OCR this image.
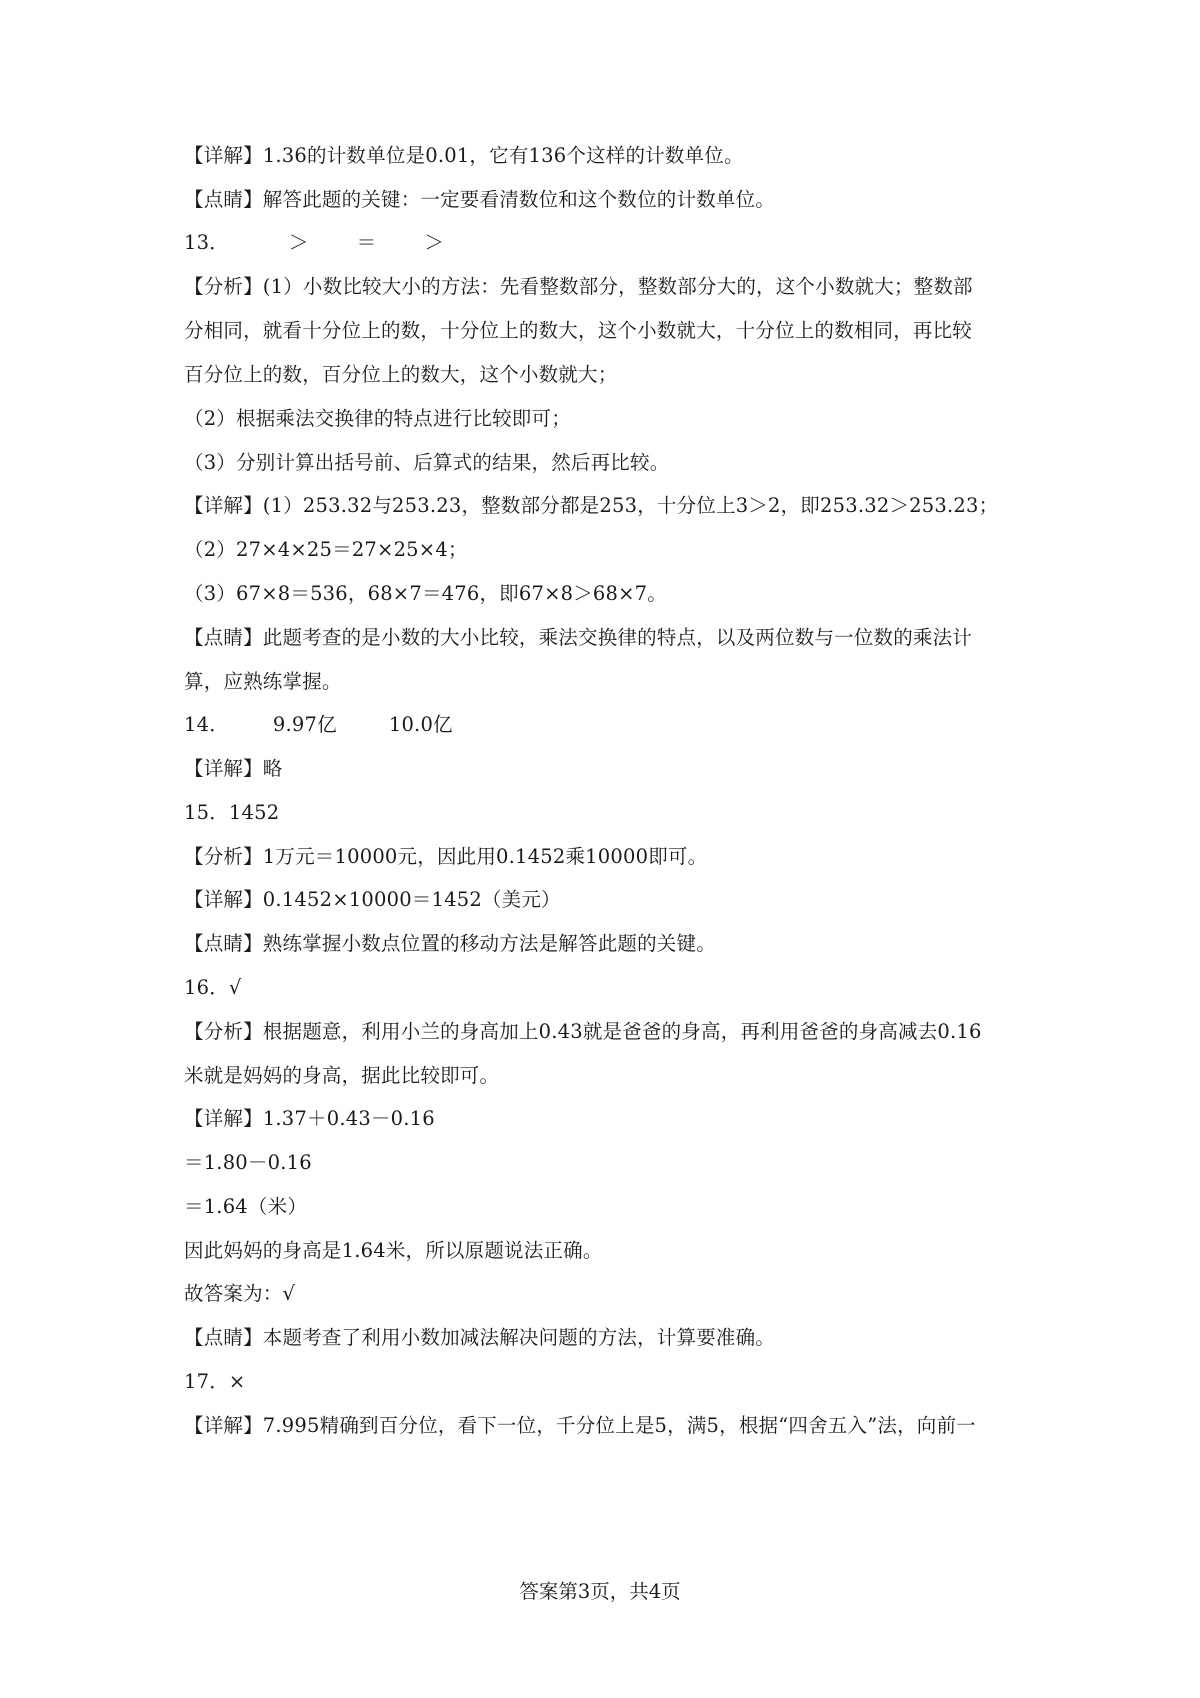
【详解】1.36的计数单位是0.01，它有136个这样的计数单位。
【点睛】解答此题的关键：一定要看清数位和这个数位的计数单位。
13．	＞ ＝ ＞
【分析】(1）小数比较大小的方法：先看整数部分，整数部分大的，这个小数就大；整数部
分相同，就看十分位上的数，十分位上的数大，这个小数就大，十分位上的数相同，再比较
百分位上的数，百分位上的数大，这个小数就大；
（2）根据乘法交换律的特点进行比较即可；
（3）分别计算出括号前、后算式的结果，然后再比较。
【详解】(1）253.32与253.23，整数部分都是253，十分位上3＞2，即253.32＞253.23；
（2）27×4×25＝27×25×4；
（3）67×8＝536，68×7＝476，即67×8＞68×7。
【点睛】此题考查的是小数的大小比较，乘法交换律的特点，以及两位数与一位数的乘法计
算，应熟练掌握。
14． 9.97亿	10.0亿
【详解】略
15．1452
【分析】1万元＝10000元，因此用0.1452乘10000即可。
【详解】0.1452×10000＝1452（美元）
【点睛】熟练掌握小数点位置的移动方法是解答此题的关键。
16．√
【分析】根据题意，利用小兰的身高加上0.43就是爸爸的身高，再利用爸爸的身高减去0.16
米就是妈妈的身高，据此比较即可。
【详解】1.37＋0.43－0.16
＝1.80－0.16
＝1.64（米）
因此妈妈的身高是1.64米，所以原题说法正确。
故答案为：√
【点睛】本题考查了利用小数加减法解决问题的方法，计算要准确。
17．×
【详解】7.995精确到百分位，看下一位，千分位上是5，满5，根据“四舍五入”法，向前一
答案第3页，共4页
